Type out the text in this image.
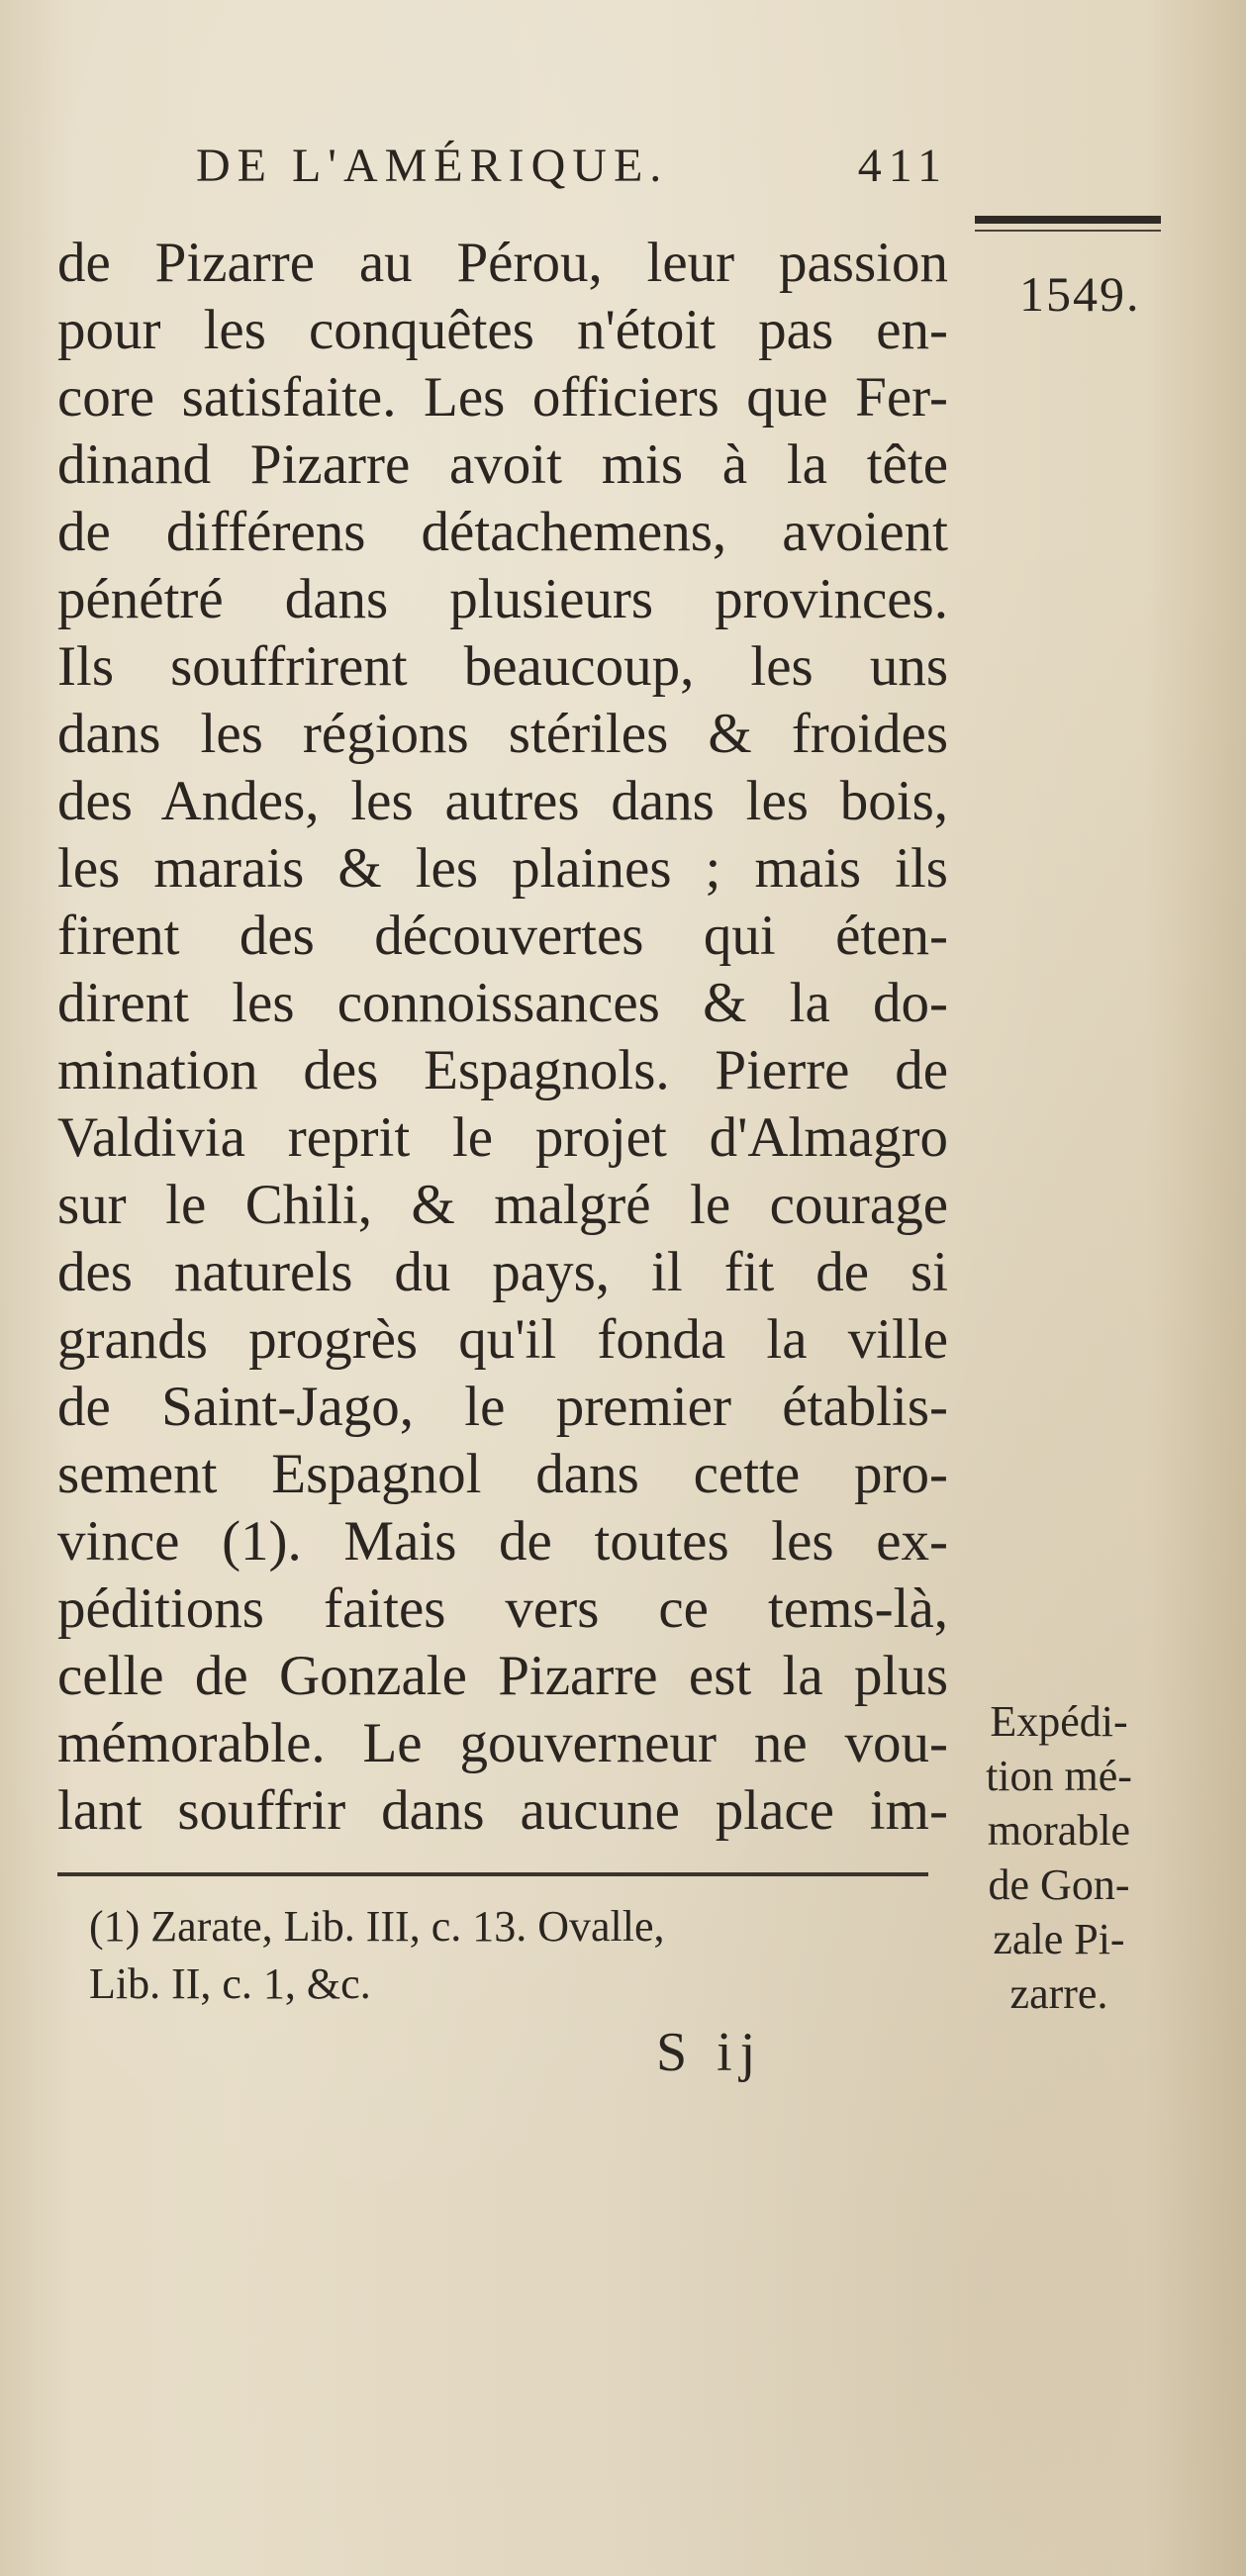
DE L'AMÉRIQUE.	411
1549.
de Pizarre au Pérou, leur passion
pour les conquêtes n'étoit pas en-
core satisfaite. Les officiers que Fer-
dinand Pizarre avoit mis à la tête
de différens détachemens, avoient
pénétré dans plusieurs provinces.
Ils souffrirent beaucoup, les uns
dans les régions stériles & froides
des Andes, les autres dans les bois,
les marais & les plaines ; mais ils
firent des découvertes qui éten-
dirent les connoissances & la do-
mination des Espagnols. Pierre de
Valdivia reprit le projet d'Almagro
sur le Chili, & malgré le courage
des naturels du pays, il fit de si
grands progrès qu'il fonda la ville
de Saint-Jago, le premier établis-
sement Espagnol dans cette pro-
vince (1). Mais de toutes les ex-
péditions faites vers ce tems-là,
celle de Gonzale Pizarre est la plus
mémorable. Le gouverneur ne vou-
lant souffrir dans aucune place im-
Expédi-
tion mé-
morable
de Gon-
zale Pi-
zarre.
(1) Zarate, Lib. III, c. 13. Ovalle,
Lib. II, c. 1, &c.
S ij
